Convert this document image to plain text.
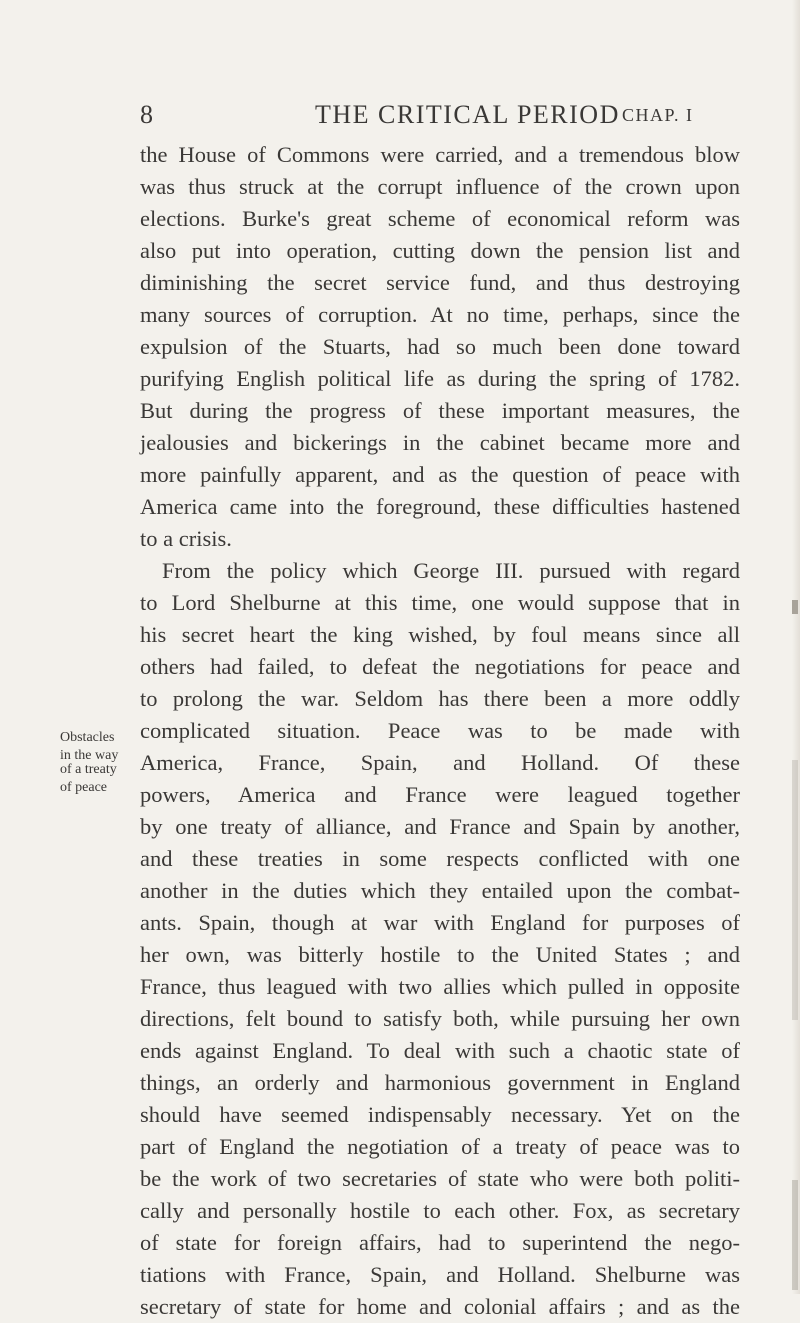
8	THE CRITICAL PERIOD CHAP. I
the House of Commons were carried, and a tremendous blow
was thus struck at the corrupt influence of the crown upon
elections. Burke's great scheme of economical reform was
also put into operation, cutting down the pension list and
diminishing the secret service fund, and thus destroying
many sources of corruption. At no time, perhaps, since the
expulsion of the Stuarts, had so much been done toward
purifying English political life as during the spring of 1782.
But during the progress of these important measures, the
jealousies and bickerings in the cabinet became more and
more painfully apparent, and as the question of peace with
America came into the foreground, these difficulties hastened
to a crisis.
From the policy which George III. pursued with regard
to Lord Shelburne at this time, one would suppose that in
his secret heart the king wished, by foul means since all
others had failed, to defeat the negotiations for peace and
to prolong the war. Seldom has there been a more oddly
complicated situation. Peace was to be made with
America, France, Spain, and Holland. Of these
powers, America and France were leagued together
by one treaty of alliance, and France and Spain by another,
and these treaties in some respects conflicted with one
another in the duties which they entailed upon the combat-
ants. Spain, though at war with England for purposes of
her own, was bitterly hostile to the United States ; and
France, thus leagued with two allies which pulled in opposite
directions, felt bound to satisfy both, while pursuing her own
ends against England. To deal with such a chaotic state of
things, an orderly and harmonious government in England
should have seemed indispensably necessary. Yet on the
part of England the negotiation of a treaty of peace was to
be the work of two secretaries of state who were both politi-
cally and personally hostile to each other. Fox, as secretary
of state for foreign affairs, had to superintend the nego-
tiations with France, Spain, and Holland. Shelburne was
secretary of state for home and colonial affairs ; and as the
Obstacles
in the way
of a treaty
of peace
